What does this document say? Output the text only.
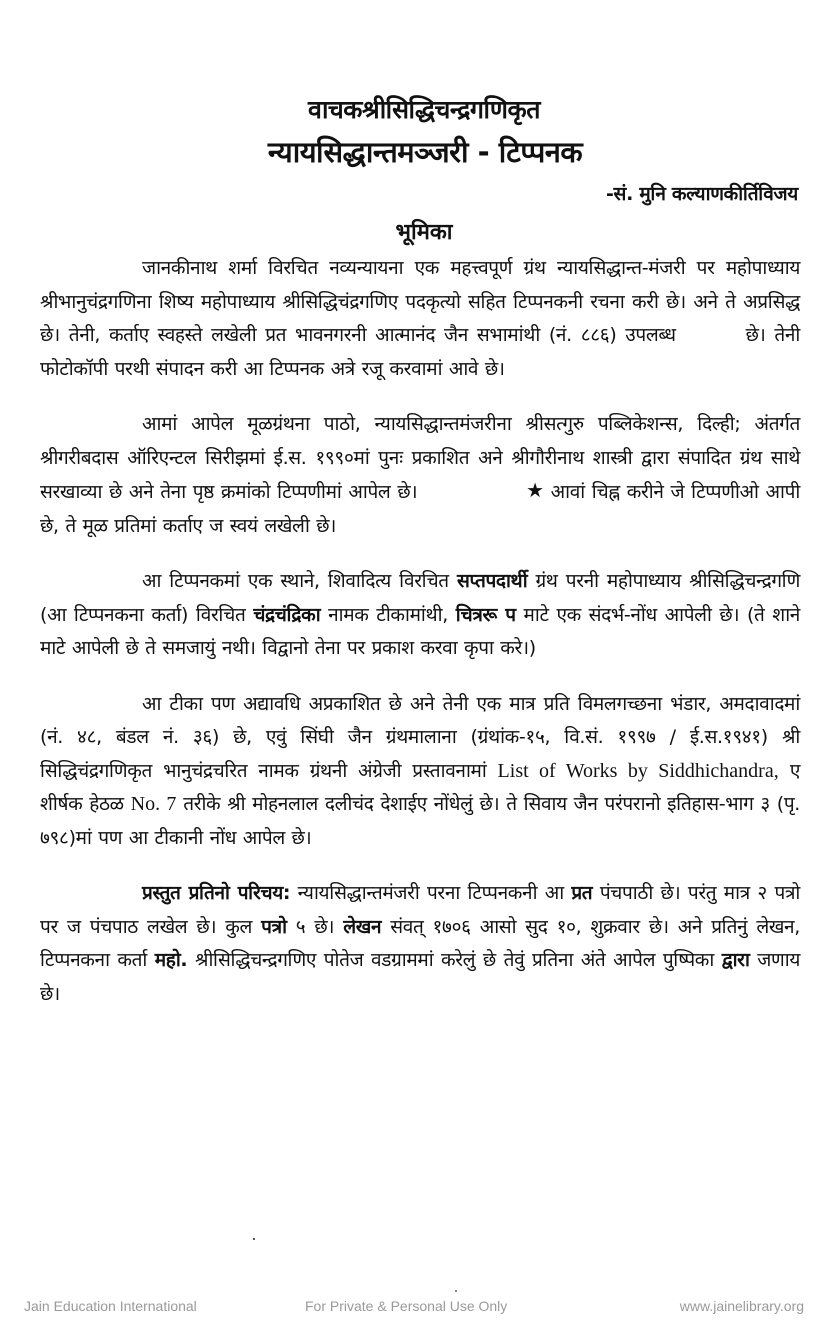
वाचकश्रीसिद्धिचन्द्रगणिकृत
न्यायसिद्धान्तमञ्जरी - टिप्पनक
-सं. मुनि कल्याणकीर्तिविजय
भूमिका

जानकीनाथ शर्मा विरचित नव्यन्यायना एक महत्त्वपूर्ण ग्रंथ न्यायसिद्धान्त-मंजरी पर महोपाध्याय श्रीभानुचंद्रगणिना शिष्य महोपाध्याय श्रीसिद्धिचंद्रगणिए पदकृत्यो सहित टिप्पनकनी रचना करी छे। अने ते अप्रसिद्ध छे। तेनी, कर्ताए स्वहस्ते लखेली प्रत भावनगरनी आत्मानंद जैन सभामांथी (नं. ८८६) उपलब्ध	छे। तेनी फोटोकॉपी परथी संपादन करी आ टिप्पनक अत्रे रजू करवामां आवे छे।

आमां आपेल मूळग्रंथना पाठो, न्यायसिद्धान्तमंजरीना श्रीसत्गुरु पब्लिकेशन्स, दिल्ही; अंतर्गत श्रीगरीबदास ऑरिएन्टल सिरीझमां ई.स. १९९०मां पुनः प्रकाशित अने श्रीगौरीनाथ शास्त्री द्वारा संपादित ग्रंथ साथे सरखाव्या छे अने तेना पृष्ठ क्रमांको टिप्पणीमां आपेल छे।	★ आवां चिह्न करीने जे टिप्पणीओ आपी छे, ते मूळ प्रतिमां कर्ताए ज स्वयं लखेली छे।

आ टिप्पनकमां एक स्थाने, शिवादित्य विरचित सप्तपदार्थी ग्रंथ परनी महोपाध्याय श्रीसिद्धिचन्द्रगणि (आ टिप्पनकना कर्ता) विरचित चंद्रचंद्रिका नामक टीकामांथी, चित्ररू प माटे एक संदर्भ-नोंध आपेली छे। (ते शाने माटे आपेली छे ते समजायुं नथी। विद्वानो तेना पर प्रकाश करवा कृपा करे।)

आ टीका पण अद्यावधि अप्रकाशित छे अने तेनी एक मात्र प्रति विमलगच्छना भंडार, अमदावादमां (नं. ४८, बंडल नं. ३६) छे, एवुं सिंघी जैन ग्रंथमालाना (ग्रंथांक-१५, वि.सं. १९९७ / ई.स.१९४१) श्री सिद्धिचंद्रगणिकृत भानुचंद्रचरित नामक ग्रंथनी अंग्रेजी प्रस्तावनामां List of Works by Siddhichandra, ए शीर्षक हेठळ No. 7 तरीके श्री मोहनलाल दलीचंद देशाईए नोंधेलुं छे। ते सिवाय जैन परंपरानो इतिहास-भाग ३ (पृ. ७९८)मां पण आ टीकानी नोंध आपेल छे।

प्रस्तुत प्रतिनो परिचय: न्यायसिद्धान्तमंजरी परना टिप्पनकनी आ प्रत पंचपाठी छे। परंतु मात्र २ पत्रो पर ज पंचपाठ लखेल छे। कुल पत्रो ५ छे। लेखन संवत् १७०६ आसो सुद १०, शुक्रवार छे। अने प्रतिनुं लेखन, टिप्पनकना कर्ता महो. श्रीसिद्धिचन्द्रगणिए पोतेज वडग्राममां करेलुं छे तेवुं प्रतिना अंते आपेल पुष्पिका द्वारा जणाय छे।

Jain Education International	For Private & Personal Use Only	www.jainelibrary.org
